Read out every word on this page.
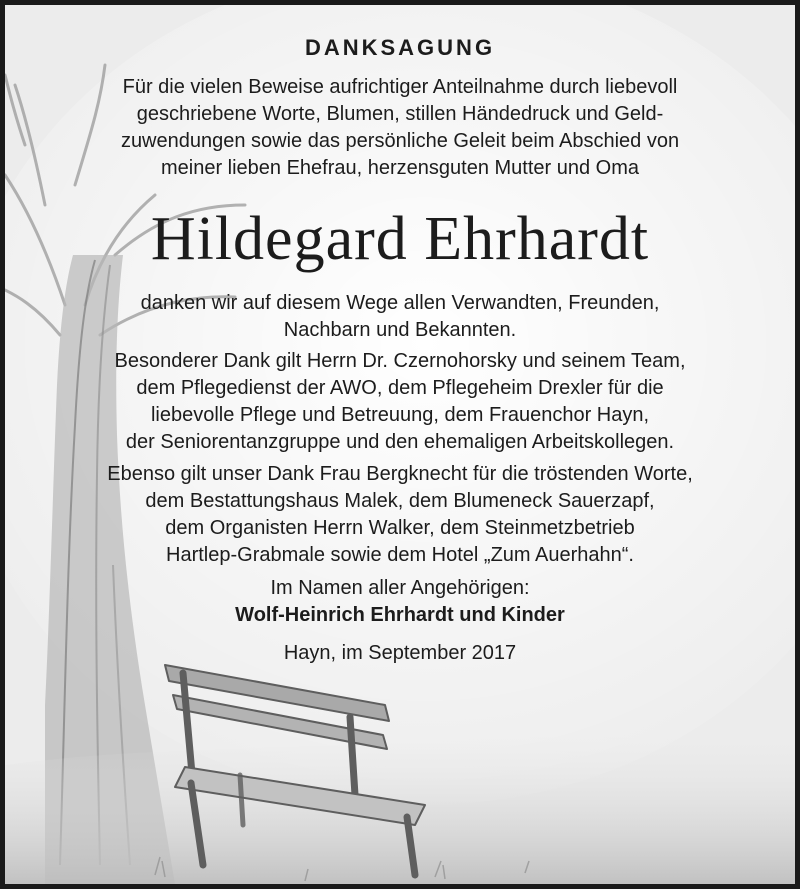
DANKSAGUNG
Für die vielen Beweise aufrichtiger Anteilnahme durch liebevoll
geschriebene Worte, Blumen, stillen Händedruck und Geld-
zuwendungen sowie das persönliche Geleit beim Abschied von
meiner lieben Ehefrau, herzensguten Mutter und Oma
Hildegard Ehrhardt
danken wir auf diesem Wege allen Verwandten, Freunden,
Nachbarn und Bekannten.
Besonderer Dank gilt Herrn Dr. Czernohorsky und seinem Team,
dem Pflegedienst der AWO, dem Pflegeheim Drexler für die
liebevolle Pflege und Betreuung, dem Frauenchor Hayn,
der Seniorentanzgruppe und den ehemaligen Arbeitskollegen.
Ebenso gilt unser Dank Frau Bergknecht für die tröstenden Worte,
dem Bestattungshaus Malek, dem Blumeneck Sauerzapf,
dem Organisten Herrn Walker, dem Steinmetzbetrieb
Hartlep-Grabmale sowie dem Hotel „Zum Auerhahn“.
Im Namen aller Angehörigen:
Wolf-Heinrich Ehrhardt und Kinder
Hayn, im September 2017
